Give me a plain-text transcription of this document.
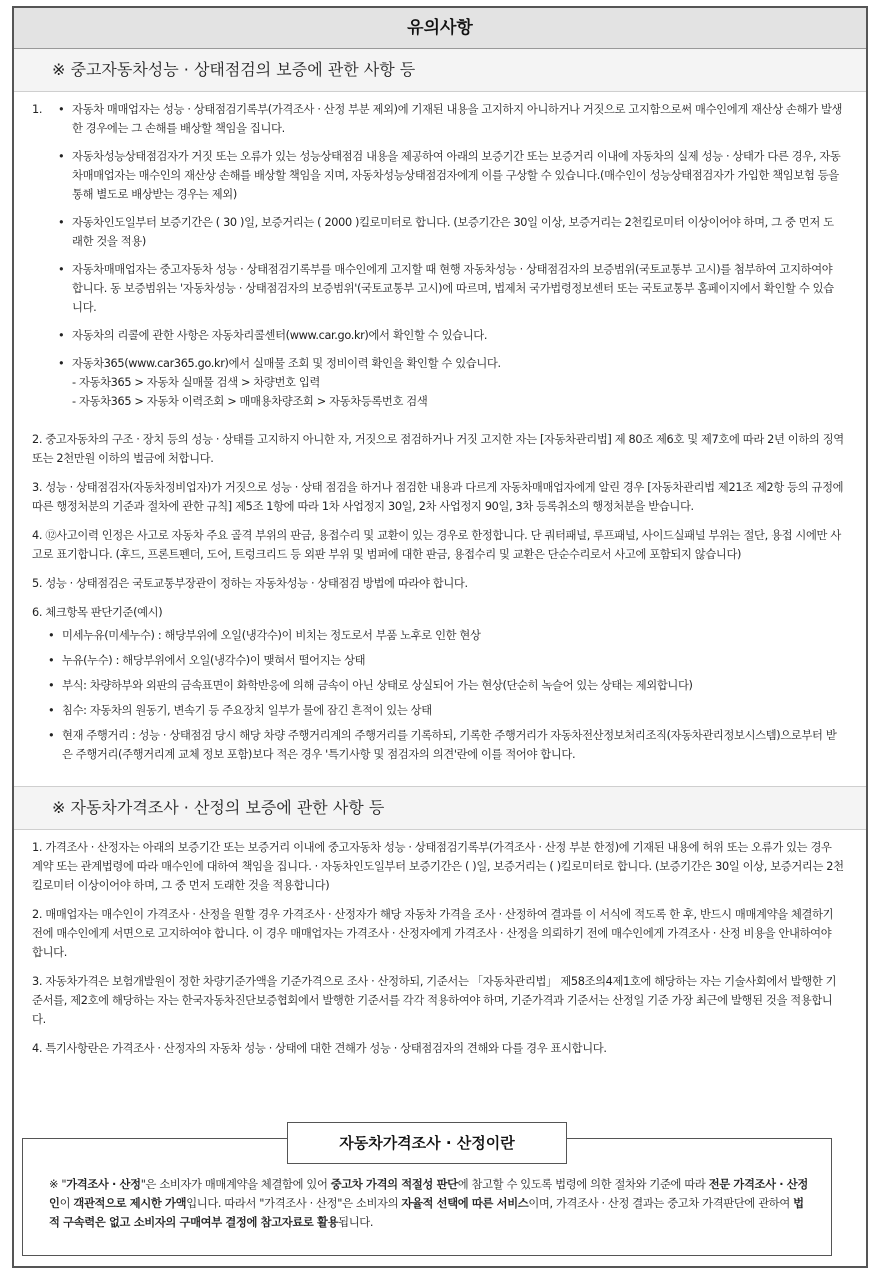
유의사항
※ 중고자동차성능 · 상태점검의 보증에 관한 사항 등
1.
•	자동차 매매업자는 성능 · 상태점검기록부(가격조사 · 산정 부분 제외)에 기재된 내용을 고지하지 아니하거나 거짓으로 고지함으로써 매수인에게 재산상 손해가 발생한 경우에는 그 손해를 배상할 책임을 집니다.
• 자동차성능상태점검자가 거짓 또는 오류가 있는 성능상태점검 내용을 제공하여 아래의 보증기간 또는 보증거리 이내에 자동차의 실제 성능 · 상태가 다른 경우, 자동차매매업자는 매수인의 재산상 손해를 배상할 책임을 지며, 자동차성능상태점검자에게 이를 구상할 수 있습니다.(매수인이 성능상태점검자가 가입한 책임보험 등을 통해 별도로 배상받는 경우는 제외)
• 자동차인도일부터 보증기간은 ( 30 )일, 보증거리는 ( 2000 )킬로미터로 합니다. (보증기간은 30일 이상, 보증거리는 2천킬로미터 이상이어야 하며, 그 중 먼저 도래한 것을 적용)
• 자동차매매업자는 중고자동차 성능 · 상태점검기록부를 매수인에게 고지할 때 현행 자동차성능 · 상태점검자의 보증범위(국토교통부 고시)를 첨부하여 고지하여야 합니다. 동 보증범위는 '자동차성능 · 상태점검자의 보증범위'(국토교통부 고시)에 따르며, 법제처 국가법령정보센터 또는 국토교통부 홈페이지에서 확인할 수 있습니다.
• 자동차의 리콜에 관한 사항은 자동차리콜센터(www.car.go.kr)에서 확인할 수 있습니다.
• 자동차365(www.car365.go.kr)에서 실매물 조회 및 정비이력 확인을 확인할 수 있습니다.
- 자동차365 > 자동차 실매물 검색 > 차량번호 입력
- 자동차365 > 자동차 이력조회 > 매매용차량조회 > 자동차등록번호 검색
2. 중고자동차의 구조 · 장치 등의 성능 · 상태를 고지하지 아니한 자, 거짓으로 점검하거나 거짓 고지한 자는 [자동차관리법] 제 80조 제6호 및 제7호에 따라 2년 이하의 징역 또는 2천만원 이하의 벌금에 처합니다.
3. 성능 · 상태점검자(자동차정비업자)가 거짓으로 성능 · 상태 점검을 하거나 점검한 내용과 다르게 자동차매매업자에게 알린 경우 [자동차관리법 제21조 제2항 등의 규정에 따른 행정처분의 기준과 절차에 관한 규칙] 제5조 1항에 따라 1차 사업정지 30일, 2차 사업정지 90일, 3차 등록취소의 행정처분을 받습니다.
4. ⑫사고이력 인정은 사고로 자동차 주요 골격 부위의 판금, 용접수리 및 교환이 있는 경우로 한정합니다. 단 쿼터패널, 루프패널, 사이드실패널 부위는 절단, 용접 시에만 사고로 표기합니다. (후드, 프론트펜더, 도어, 트렁크리드 등 외판 부위 및 범퍼에 대한 판금, 용접수리 및 교환은 단순수리로서 사고에 포함되지 않습니다)
5. 성능 · 상태점검은 국토교통부장관이 정하는 자동차성능 · 상태점검 방법에 따라야 합니다.
6. 체크항목 판단기준(예시)
• 미세누유(미세누수) : 해당부위에 오일(냉각수)이 비치는 정도로서 부품 노후로 인한 현상
• 누유(누수) : 해당부위에서 오일(냉각수)이 맺혀서 떨어지는 상태
• 부식: 차량하부와 외판의 금속표면이 화학반응에 의해 금속이 아닌 상태로 상실되어 가는 현상(단순히 녹슬어 있는 상태는 제외합니다)
• 침수: 자동차의 원동기, 변속기 등 주요장치 일부가 물에 잠긴 흔적이 있는 상태
• 현재 주행거리 : 성능 · 상태점검 당시 해당 차량 주행거리계의 주행거리를 기록하되, 기록한 주행거리가 자동차전산정보처리조직(자동차관리정보시스템)으로부터 받은 주행거리(주행거리계 교체 정보 포함)보다 적은 경우 '특기사항 및 점검자의 의견'란에 이를 적어야 합니다.
※ 자동차가격조사 · 산정의 보증에 관한 사항 등
1. 가격조사 · 산정자는 아래의 보증기간 또는 보증거리 이내에 중고자동차 성능 · 상태점검기록부(가격조사 · 산정 부분 한정)에 기재된 내용에 허위 또는 오류가 있는 경우 계약 또는 관계법령에 따라 매수인에 대하여 책임을 집니다. · 자동차인도일부터 보증기간은 ( )일, 보증거리는 ( )킬로미터로 합니다. (보증기간은 30일 이상, 보증거리는 2천킬로미터 이상이어야 하며, 그 중 먼저 도래한 것을 적용합니다)
2. 매매업자는 매수인이 가격조사 · 산정을 원할 경우 가격조사 · 산정자가 해당 자동차 가격을 조사 · 산정하여 결과를 이 서식에 적도록 한 후, 반드시 매매계약을 체결하기 전에 매수인에게 서면으로 고지하여야 합니다. 이 경우 매매업자는 가격조사 · 산정자에게 가격조사 · 산정을 의뢰하기 전에 매수인에게 가격조사 · 산정 비용을 안내하여야 합니다.
3. 자동차가격은 보험개발원이 정한 차량기준가액을 기준가격으로 조사 · 산정하되, 기준서는 「자동차관리법」 제58조의4제1호에 해당하는 자는 기술사회에서 발행한 기준서를, 제2호에 해당하는 자는 한국자동차진단보증협회에서 발행한 기준서를 각각 적용하여야 하며, 기준가격과 기준서는 산정일 기준 가장 최근에 발행된 것을 적용합니다.
4. 특기사항란은 가격조사 · 산정자의 자동차 성능 · 상태에 대한 견해가 성능 · 상태점검자의 견해와 다를 경우 표시합니다.
자동차가격조사 · 산정이란
※ "가격조사 · 산정"은 소비자가 매매계약을 체결함에 있어 중고차 가격의 적절성 판단에 참고할 수 있도록 법령에 의한 절차와 기준에 따라 전문 가격조사 · 산정인이 객관적으로 제시한 가액입니다. 따라서 "가격조사 · 산정"은 소비자의 자율적 선택에 따른 서비스이며, 가격조사 · 산정 결과는 중고차 가격판단에 관하여 법적 구속력은 없고 소비자의 구매여부 결정에 참고자료로 활용됩니다.
